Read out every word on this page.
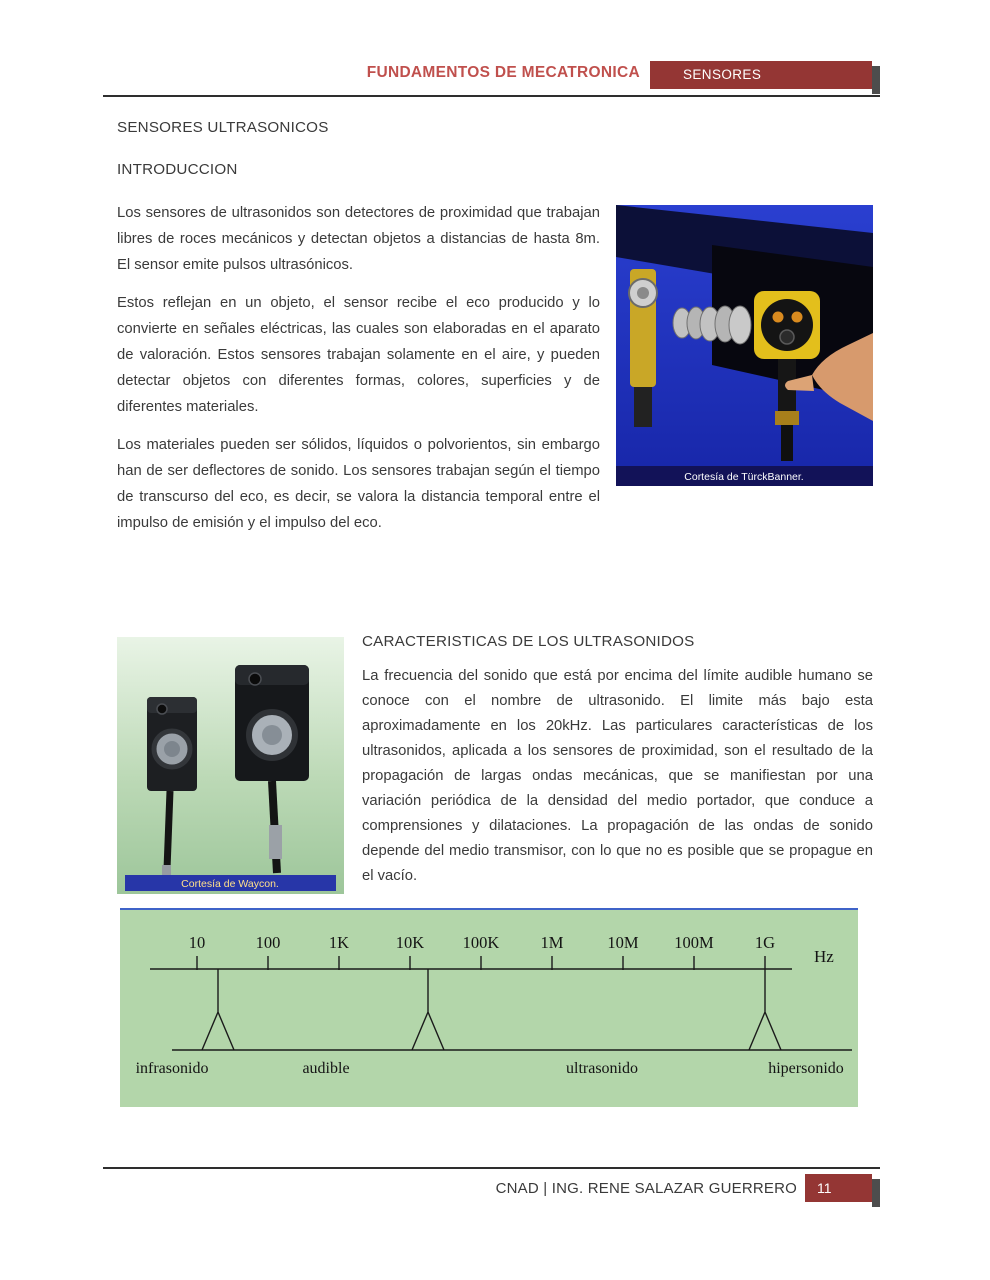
FUNDAMENTOS DE MECATRONICA	SENSORES
SENSORES ULTRASONICOS
INTRODUCCION
Cortesía de TürckBanner.

Los sensores de ultrasonidos son detectores de proximidad que trabajan libres de roces mecánicos y detectan objetos a distancias de hasta 8m. El sensor emite pulsos ultrasónicos.

Estos reflejan en un objeto, el sensor recibe el eco producido y lo convierte en señales eléctricas, las cuales son elaboradas en el aparato de valoración. Estos sensores trabajan solamente en el aire, y pueden detectar objetos con diferentes formas, colores, superficies y de diferentes materiales.

Los materiales pueden ser sólidos, líquidos o polvorientos, sin embargo han de ser deflectores de sonido. Los sensores trabajan según el tiempo de transcurso del eco, es decir, se valora la distancia temporal entre el impulso de emisión y el impulso del eco.

Cortesía de Waycon.
CARACTERISTICAS DE LOS ULTRASONIDOS

La frecuencia del sonido que está por encima del límite audible humano se conoce con el nombre de ultrasonido. El limite más bajo esta aproximadamente en los 20kHz. Las particulares características de los ultrasonidos, aplicada a los sensores de proximidad, son el resultado de la propagación de largas ondas mecánicas, que se manifiestan por una variación periódica de la densidad del medio portador, que conduce a comprensiones y dilataciones. La propagación de las ondas de sonido depende del medio transmisor, con lo que no es posible que se propague en el vacío.

10	100	1K	10K 100K 1M	10M 100M 1G
Hz
infrasonido	audible	ultrasonido	hipersonido
CNAD | ING. RENE SALAZAR GUERRERO	11
